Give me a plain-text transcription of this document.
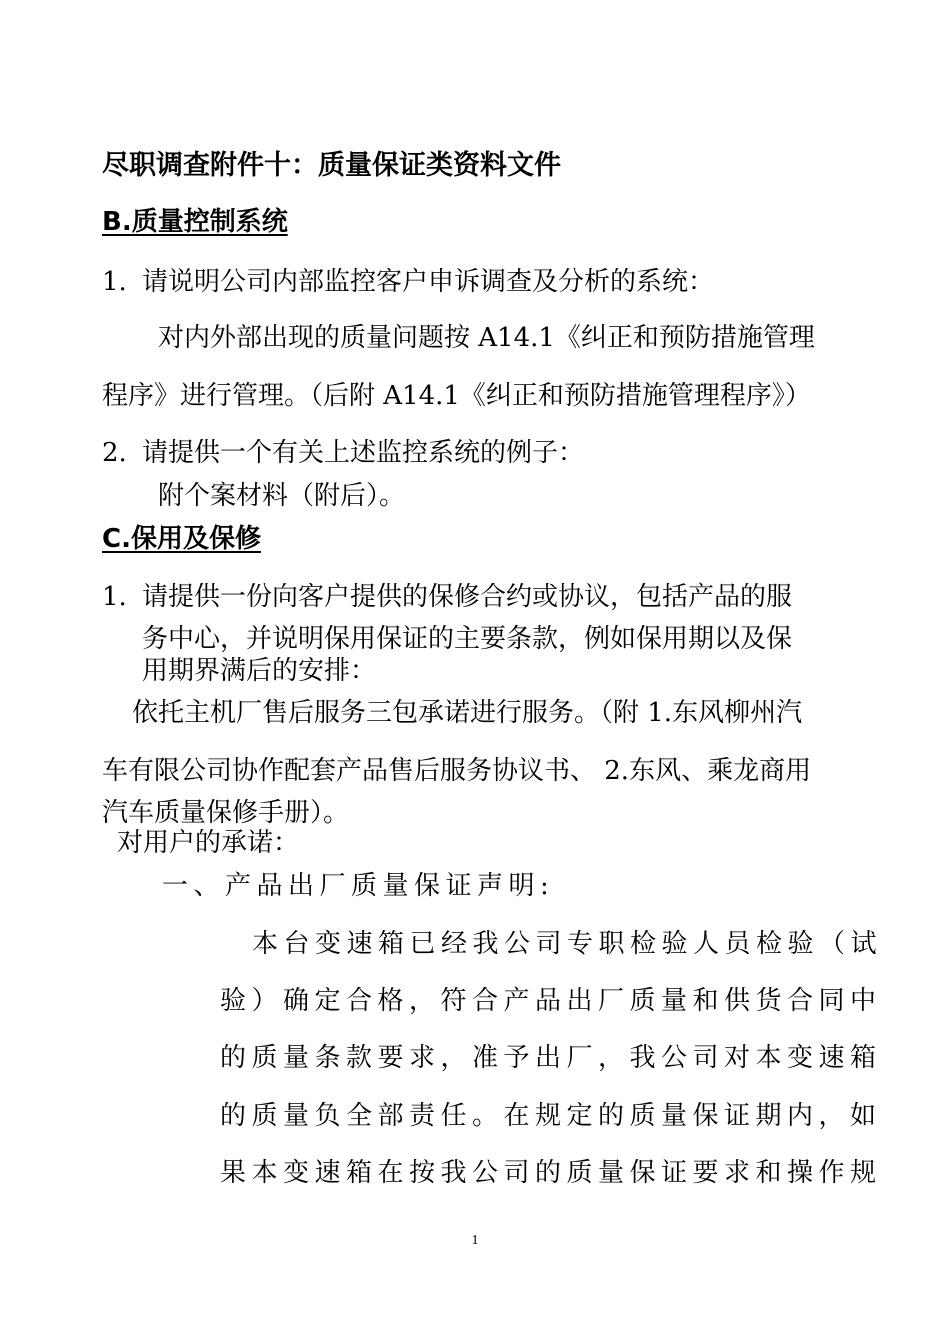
尽职调查附件十：质量保证类资料文件
B.质量控制系统
1. 请说明公司内部监控客户申诉调查及分析的系统：
对内外部出现的质量问题按 A14.1《纠正和预防措施管理
程序》进行管理。（后附 A14.1《纠正和预防措施管理程序》）
2. 请提供一个有关上述监控系统的例子：
附个案材料（附后）。
C.保用及保修
1. 请提供一份向客户提供的保修合约或协议，包括产品的服
务中心，并说明保用保证的主要条款，例如保用期以及保
用期界满后的安排：
依托主机厂售后服务三包承诺进行服务。（附 1.东风柳州汽
车有限公司协作配套产品售后服务协议书、 2.东风、乘龙商用
汽车质量保修手册）。
对用户的承诺：
一、产品出厂质量保证声明:
本台变速箱已经我公司专职检验人员检验（试
验）确定合格，符合产品出厂质量和供货合同中
的质量条款要求，准予出厂，我公司对本变速箱
的质量负全部责任。在规定的质量保证期内，如
果本变速箱在按我公司的质量保证要求和操作规
1
